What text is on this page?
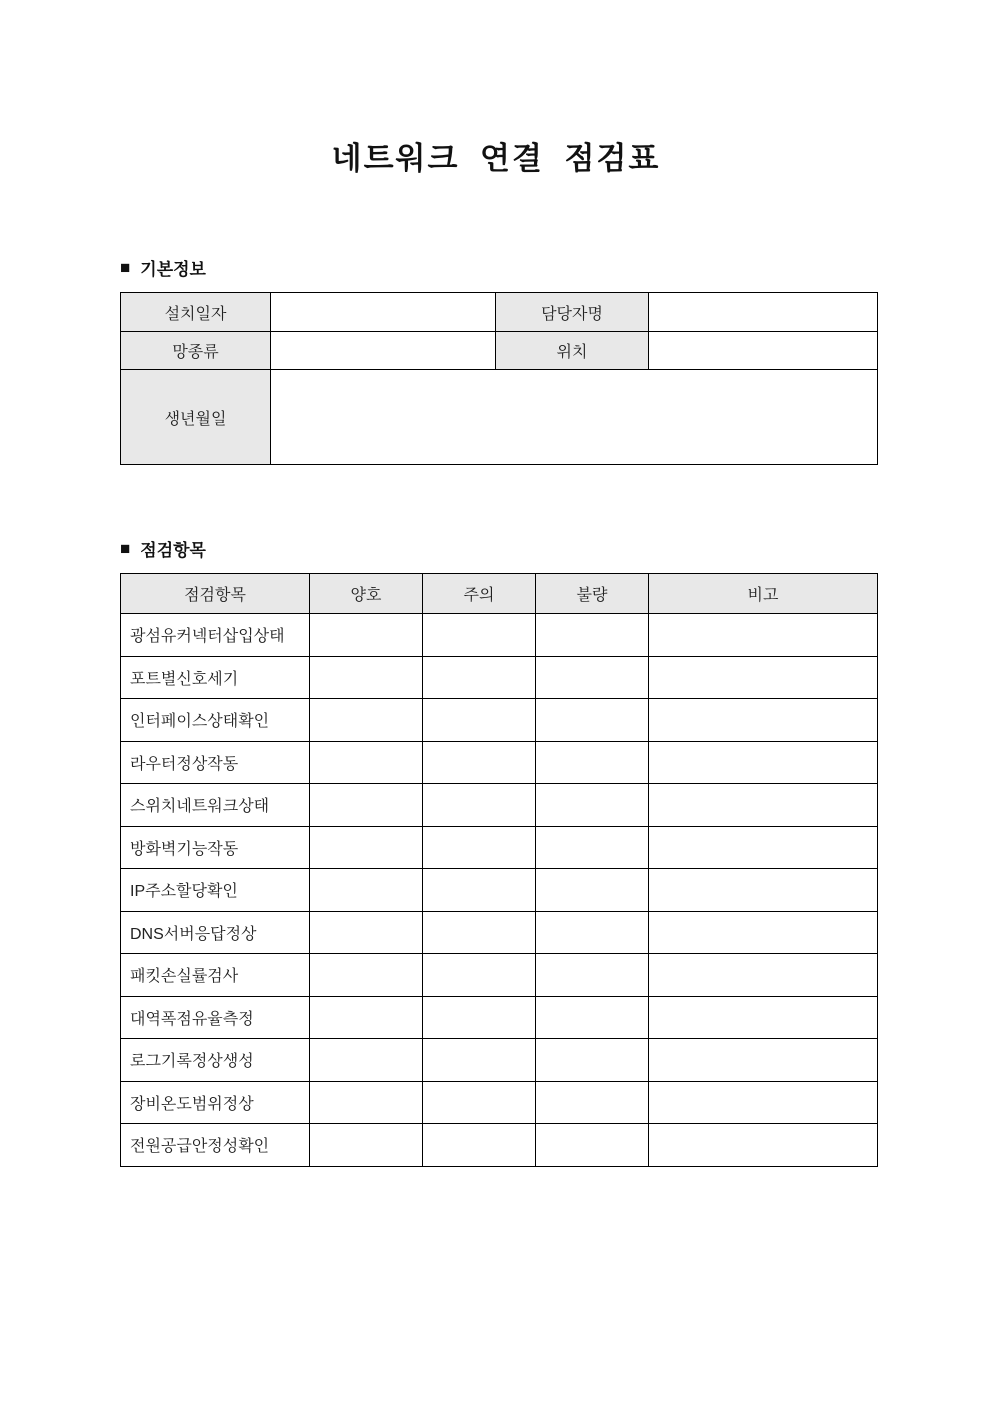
네트워크 연결 점검표
■ 기본정보
설치일자		담당자명	
망종류		위치	
생년월일			
■ 점검항목
점검항목	양호	주의	불량	비고
광섬유커넥터삽입상태				
포트별신호세기				
인터페이스상태확인				
라우터정상작동				
스위치네트워크상태				
방화벽기능작동				
IP주소할당확인				
DNS서버응답정상				
패킷손실률검사				
대역폭점유율측정				
로그기록정상생성				
장비온도범위정상				
전원공급안정성확인				
